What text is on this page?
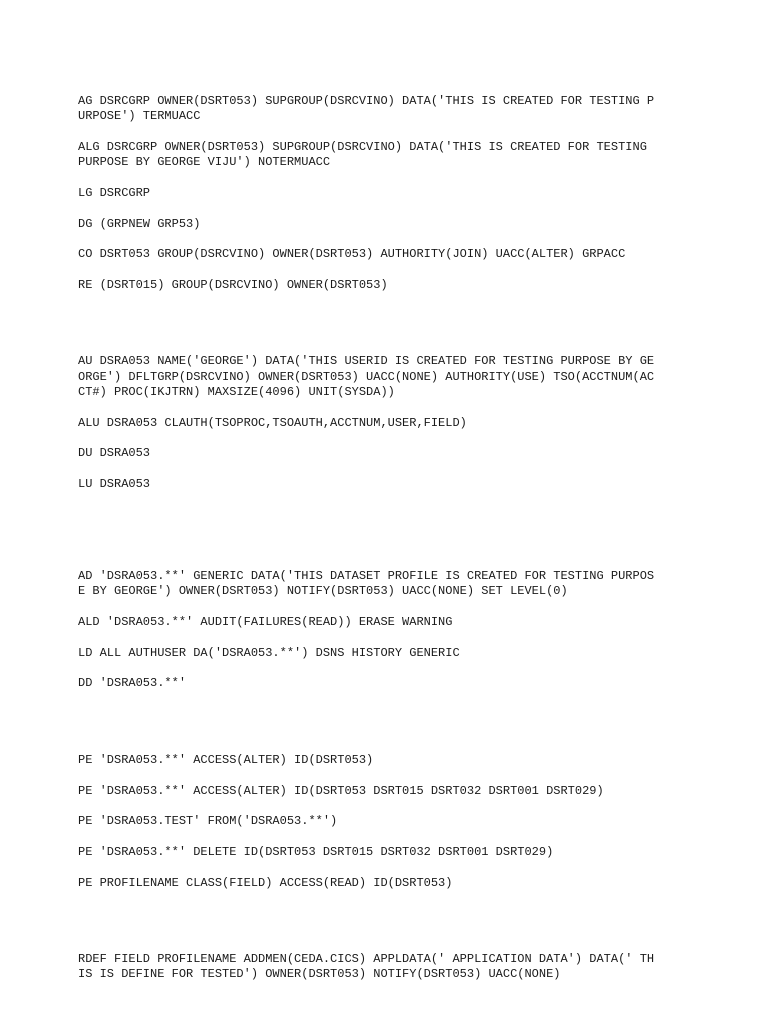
AG DSRCGRP OWNER(DSRT053) SUPGROUP(DSRCVINO) DATA('THIS IS CREATED FOR TESTING P
URPOSE') TERMUACC
ALG DSRCGRP OWNER(DSRT053) SUPGROUP(DSRCVINO) DATA('THIS IS CREATED FOR TESTING
PURPOSE BY GEORGE VIJU') NOTERMUACC
LG DSRCGRP
DG (GRPNEW GRP53)
CO DSRT053 GROUP(DSRCVINO) OWNER(DSRT053) AUTHORITY(JOIN) UACC(ALTER) GRPACC
RE (DSRT015) GROUP(DSRCVINO) OWNER(DSRT053)
AU DSRA053 NAME('GEORGE') DATA('THIS USERID IS CREATED FOR TESTING PURPOSE BY GE
ORGE') DFLTGRP(DSRCVINO) OWNER(DSRT053) UACC(NONE) AUTHORITY(USE) TSO(ACCTNUM(AC
CT#) PROC(IKJTRN) MAXSIZE(4096) UNIT(SYSDA))
ALU DSRA053 CLAUTH(TSOPROC,TSOAUTH,ACCTNUM,USER,FIELD)
DU DSRA053
LU DSRA053
AD 'DSRA053.**' GENERIC DATA('THIS DATASET PROFILE IS CREATED FOR TESTING PURPOS
E BY GEORGE') OWNER(DSRT053) NOTIFY(DSRT053) UACC(NONE) SET LEVEL(0)
ALD 'DSRA053.**' AUDIT(FAILURES(READ)) ERASE WARNING
LD ALL AUTHUSER DA('DSRA053.**') DSNS HISTORY GENERIC
DD 'DSRA053.**'
PE 'DSRA053.**' ACCESS(ALTER) ID(DSRT053)
PE 'DSRA053.**' ACCESS(ALTER) ID(DSRT053 DSRT015 DSRT032 DSRT001 DSRT029)
PE 'DSRA053.TEST' FROM('DSRA053.**')
PE 'DSRA053.**' DELETE ID(DSRT053 DSRT015 DSRT032 DSRT001 DSRT029)
PE PROFILENAME CLASS(FIELD) ACCESS(READ) ID(DSRT053)
RDEF FIELD PROFILENAME ADDMEN(CEDA.CICS) APPLDATA(' APPLICATION DATA') DATA(' TH
IS IS DEFINE FOR TESTED') OWNER(DSRT053) NOTIFY(DSRT053) UACC(NONE)
